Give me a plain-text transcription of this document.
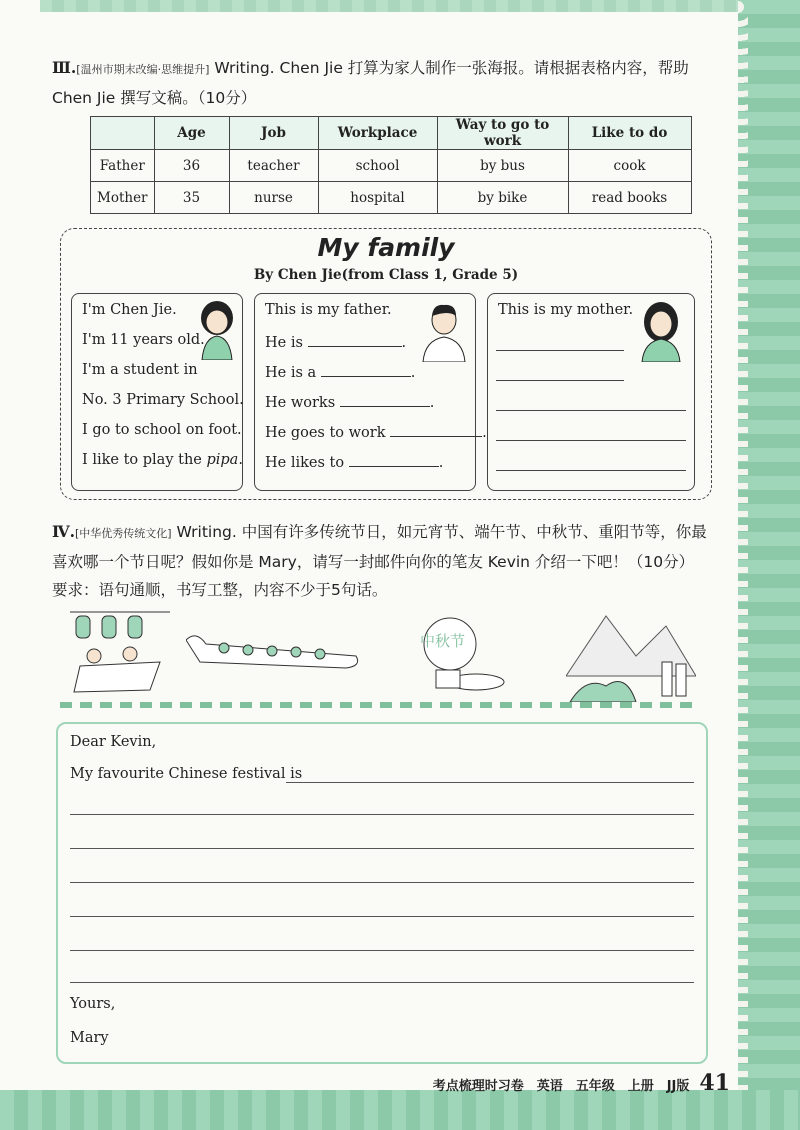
Ⅲ.[温州市期末改编·思维提升] Writing. Chen Jie 打算为家人制作一张海报。请根据表格内容，帮助
Chen Jie 撰写文稿。（10分）
	Age	Job	Workplace	Way to go to work	Like to do
Father	36	teacher	school	by bus	cook
Mother	35	nurse	hospital	by bike	read books
My family
By Chen Jie(from Class 1, Grade 5)
I'm Chen Jie.
I'm 11 years old.
I'm a student in
No. 3 Primary School.
I go to school on foot.
I like to play the pipa.
This is my father.
He is	.
He is a	.
He works	.
He goes to work	.
He likes to	.
This is my mother.
Ⅳ.[中华优秀传统文化] Writing. 中国有许多传统节日，如元宵节、端午节、中秋节、重阳节等，你最
喜欢哪一个节日呢？假如你是 Mary，请写一封邮件向你的笔友 Kevin 介绍一下吧！（10分）
要求：语句通顺，书写工整，内容不少于5句话。
中秋节
Dear Kevin,
My favourite Chinese festival is
Yours,
Mary
考点梳理时习卷　英语　五年级　上册　JJ版 41
